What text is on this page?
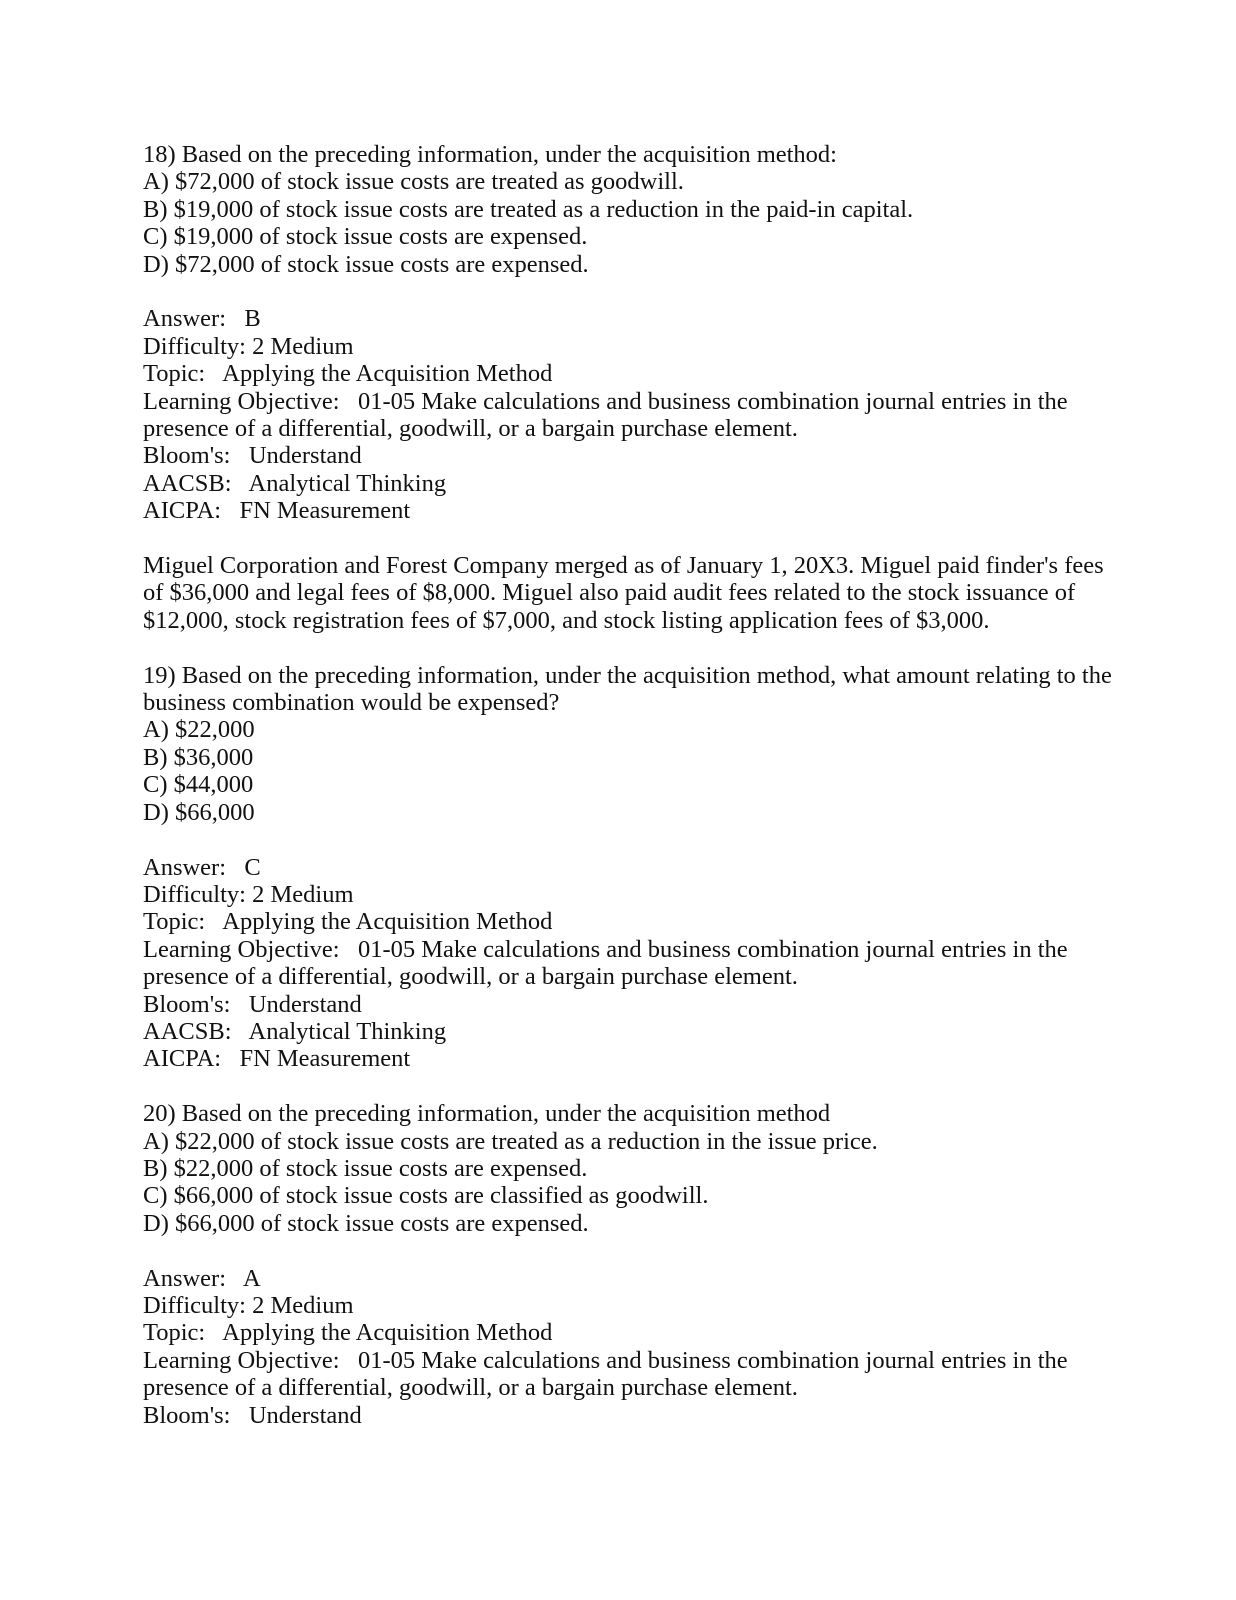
18) Based on the preceding information, under the acquisition method:
A) $72,000 of stock issue costs are treated as goodwill.
B) $19,000 of stock issue costs are treated as a reduction in the paid-in capital.
C) $19,000 of stock issue costs are expensed.
D) $72,000 of stock issue costs are expensed.
Answer:   B
Difficulty: 2 Medium
Topic:   Applying the Acquisition Method
Learning Objective:   01-05 Make calculations and business combination journal entries in the
presence of a differential, goodwill, or a bargain purchase element.
Bloom's:   Understand
AACSB:   Analytical Thinking
AICPA:   FN Measurement
Miguel Corporation and Forest Company merged as of January 1, 20X3. Miguel paid finder's fees
of $36,000 and legal fees of $8,000. Miguel also paid audit fees related to the stock issuance of
$12,000, stock registration fees of $7,000, and stock listing application fees of $3,000.
19) Based on the preceding information, under the acquisition method, what amount relating to the
business combination would be expensed?
A) $22,000
B) $36,000
C) $44,000
D) $66,000
Answer:   C
Difficulty: 2 Medium
Topic:   Applying the Acquisition Method
Learning Objective:   01-05 Make calculations and business combination journal entries in the
presence of a differential, goodwill, or a bargain purchase element.
Bloom's:   Understand
AACSB:   Analytical Thinking
AICPA:   FN Measurement
20) Based on the preceding information, under the acquisition method
A) $22,000 of stock issue costs are treated as a reduction in the issue price.
B) $22,000 of stock issue costs are expensed.
C) $66,000 of stock issue costs are classified as goodwill.
D) $66,000 of stock issue costs are expensed.
Answer:   A
Difficulty: 2 Medium
Topic:   Applying the Acquisition Method
Learning Objective:   01-05 Make calculations and business combination journal entries in the
presence of a differential, goodwill, or a bargain purchase element.
Bloom's:   Understand
